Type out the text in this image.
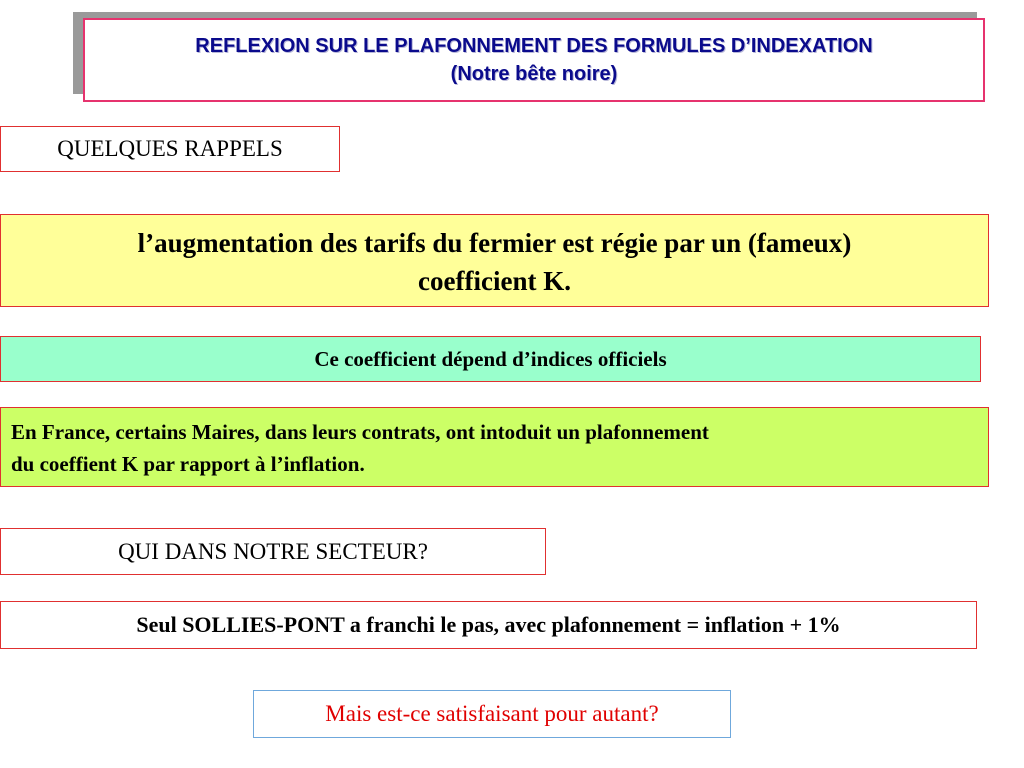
REFLEXION SUR LE PLAFONNEMENT DES FORMULES D’INDEXATION
(Notre bête noire)
QUELQUES RAPPELS
l’augmentation des tarifs du fermier est régie par un (fameux)
coefficient K.
Ce coefficient dépend d’indices officiels
En France, certains Maires, dans leurs contrats, ont intoduit un plafonnement
du coeffient K par rapport à l’inflation.
QUI DANS NOTRE SECTEUR?
Seul SOLLIES-PONT a franchi le pas, avec plafonnement = inflation + 1%
Mais est-ce satisfaisant pour autant?
